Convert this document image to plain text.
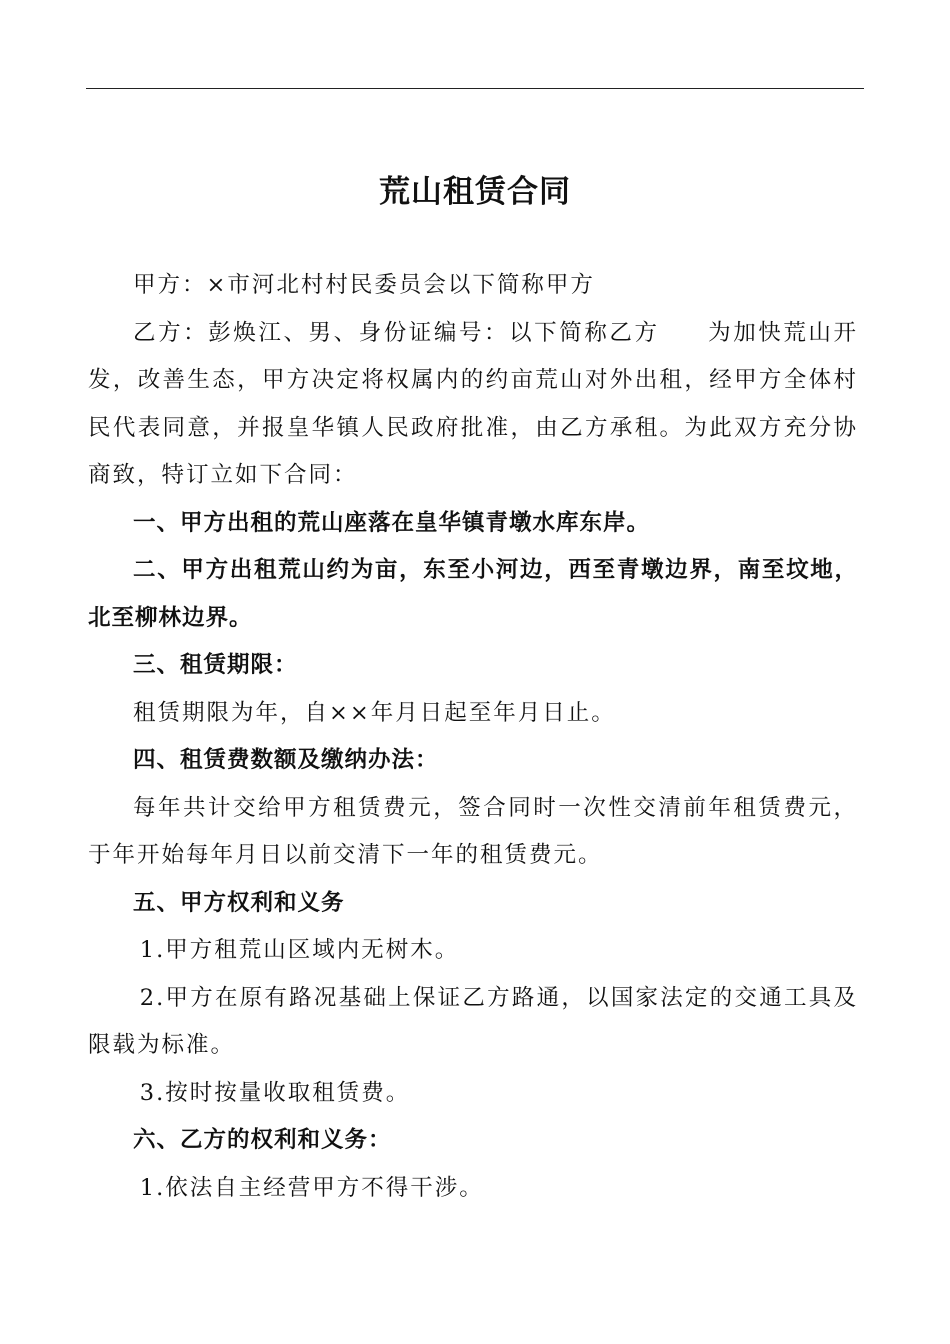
荒山租赁合同

甲方：×市河北村村民委员会以下简称甲方

乙方：彭焕江、男、身份证编号：以下简称乙方 为加快荒山开发，改善生态，甲方决定将权属内的约亩荒山对外出租，经甲方全体村民代表同意，并报皇华镇人民政府批准，由乙方承租。为此双方充分协商致，特订立如下合同：

一、甲方出租的荒山座落在皇华镇青墩水库东岸。

二、甲方出租荒山约为亩，东至小河边，西至青墩边界，南至坟地，北至柳林边界。

三、租赁期限：

租赁期限为年，自××年月日起至年月日止。

四、租赁费数额及缴纳办法：

每年共计交给甲方租赁费元，签合同时一次性交清前年租赁费元，于年开始每年月日以前交清下一年的租赁费元。

五、甲方权利和义务

1.甲方租荒山区域内无树木。

2.甲方在原有路况基础上保证乙方路通，以国家法定的交通工具及限载为标准。

3.按时按量收取租赁费。

六、乙方的权利和义务：

1.依法自主经营甲方不得干涉。
